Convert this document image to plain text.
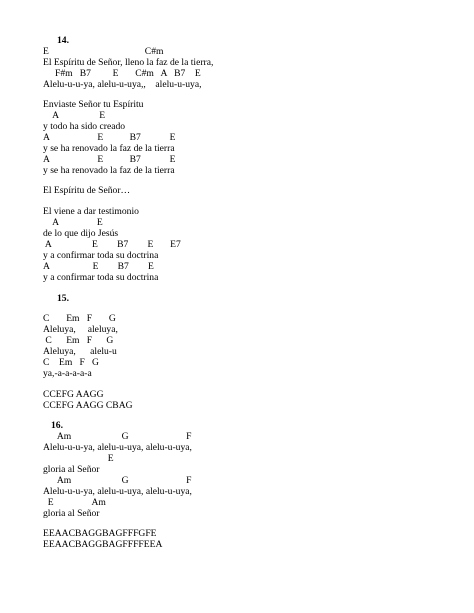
14.
E                                        C#m
El Espíritu de Señor, lleno la faz de la tierra,
F#m   B7         E       C#m   A   B7    E
Alelu-u-u-ya, alelu-u-uya,,    alelu-u-uya,
Enviaste Señor tu Espíritu
A                 E
y todo ha sido creado
A                    E           B7            E
y se ha renovado la faz de la tierra
A                    E           B7            E
y se ha renovado la faz de la tierra
El Espíritu de Señor…
El viene a dar testimonio
A                E
de lo que dijo Jesús
A                 E        B7        E       E7
y a confirmar toda su doctrina
A                  E        B7        E
y a confirmar toda su doctrina
15.
C       Em   F       G
Aleluya,     aleluya,
C      Em   F      G
Aleluya,      alelu-u
C    Em   F   G
ya,-a-a-a-a-a
CCEFG AAGG
CCEFG AAGG CBAG
16.
Am                     G                        F
Alelu-u-u-ya, alelu-u-uya, alelu-u-uya,
E
gloria al Señor
Am                     G                        F
Alelu-u-u-ya, alelu-u-uya, alelu-u-uya,
E                Am
gloria al Señor
EEAACBAGGBAGFFFGFE
EEAACBAGGBAGFFFFEEA
